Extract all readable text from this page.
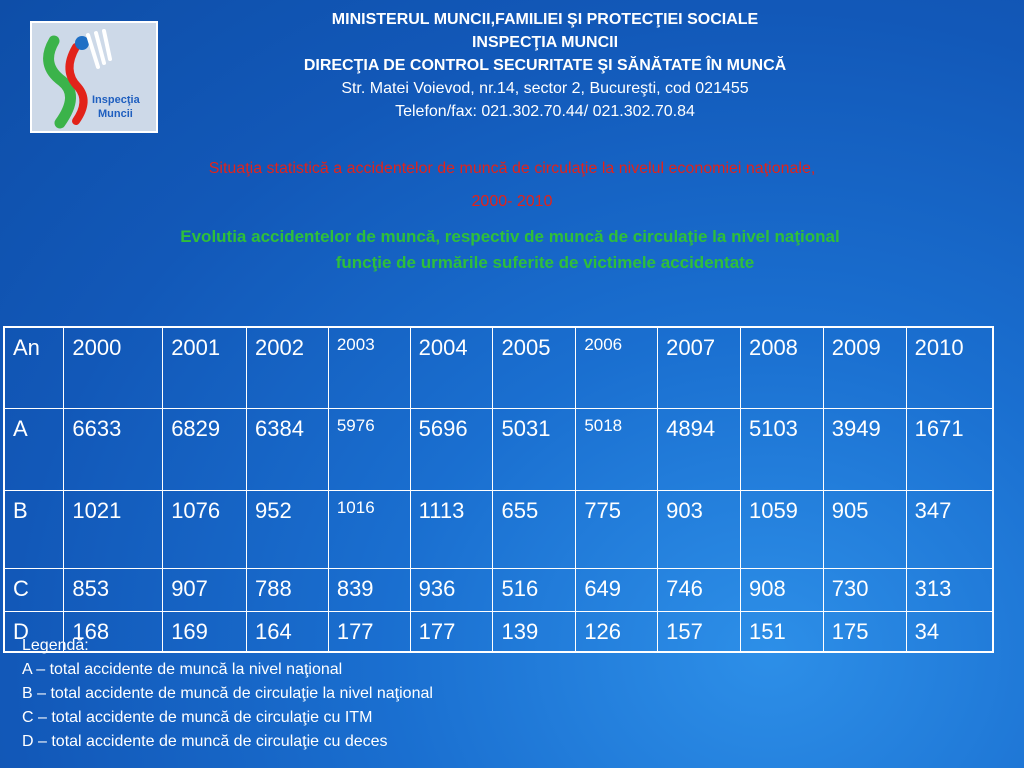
Inspecţia
Muncii
MINISTERUL MUNCII,FAMILIEI ŞI PROTECŢIEI SOCIALE
INSPECŢIA MUNCII
DIRECŢIA DE CONTROL SECURITATE ŞI SĂNĂTATE ÎN MUNCĂ
Str. Matei Voievod, nr.14, sector 2, Bucureşti, cod 021455
Telefon/fax: 021.302.70.44/ 021.302.70.84
Situaţia statistică a accidentelor de muncă de circulaţie la nivelul economiei naţionale,
2000- 2010
Evolutia accidentelor de muncă, respectiv de muncă de circulaţie la nivel naţional
funcţie de urmările suferite de victimele accidentate
An	2000	2001	2002	2003	2004	2005	2006	2007	2008	2009	2010
A	6633	6829	6384	5976	5696	5031	5018	4894	5103	3949	1671
B	1021	1076	952	1016	1113	655	775	903	1059	905	347
C	853	907	788	839	936	516	649	746	908	730	313
D	168	169	164	177	177	139	126	157	151	175	34
Legendă:
A – total accidente de muncă la nivel naţional
B – total accidente de muncă de circulaţie la nivel naţional
C – total accidente de muncă de circulaţie cu ITM
D – total accidente de muncă de circulaţie cu deces
